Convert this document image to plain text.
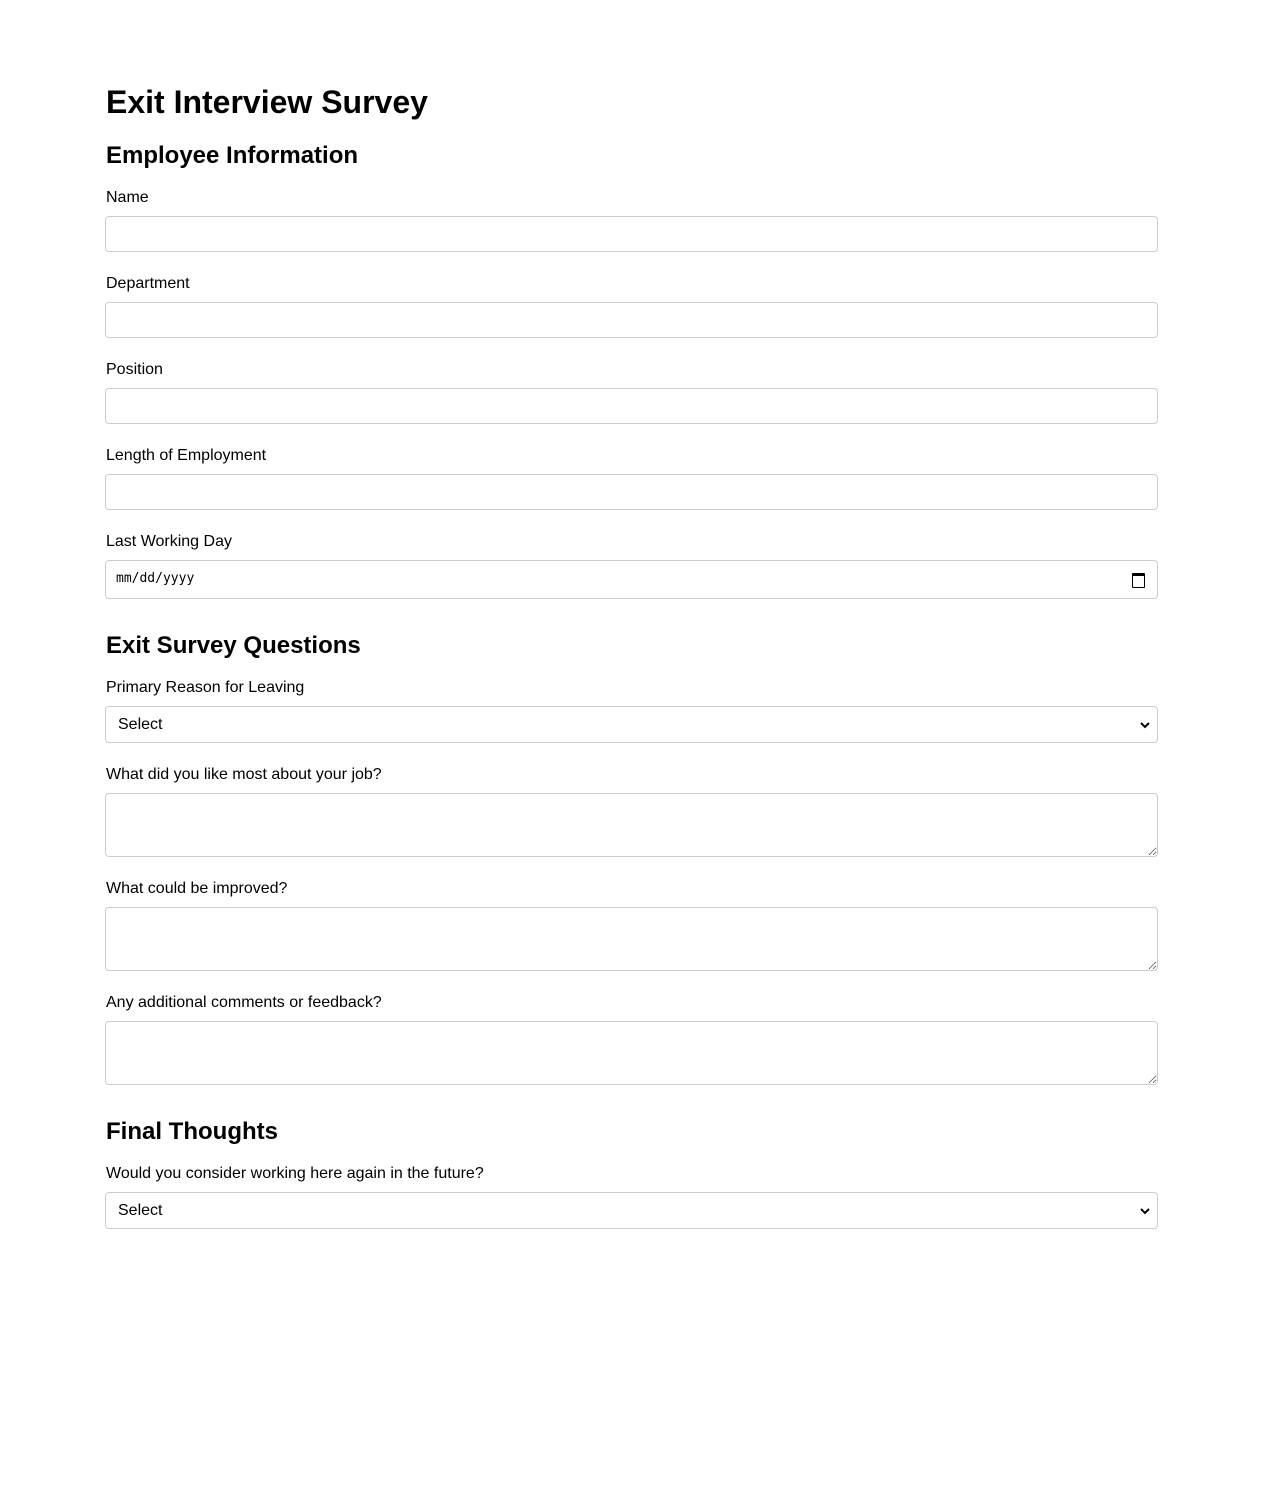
Exit Interview Survey
Employee Information
Name
Department
Position
Length of Employment
Last Working Day
mm/dd/yyyy
Exit Survey Questions
Primary Reason for Leaving
Select
What did you like most about your job?
What could be improved?
Any additional comments or feedback?
Final Thoughts
Would you consider working here again in the future?
Select
